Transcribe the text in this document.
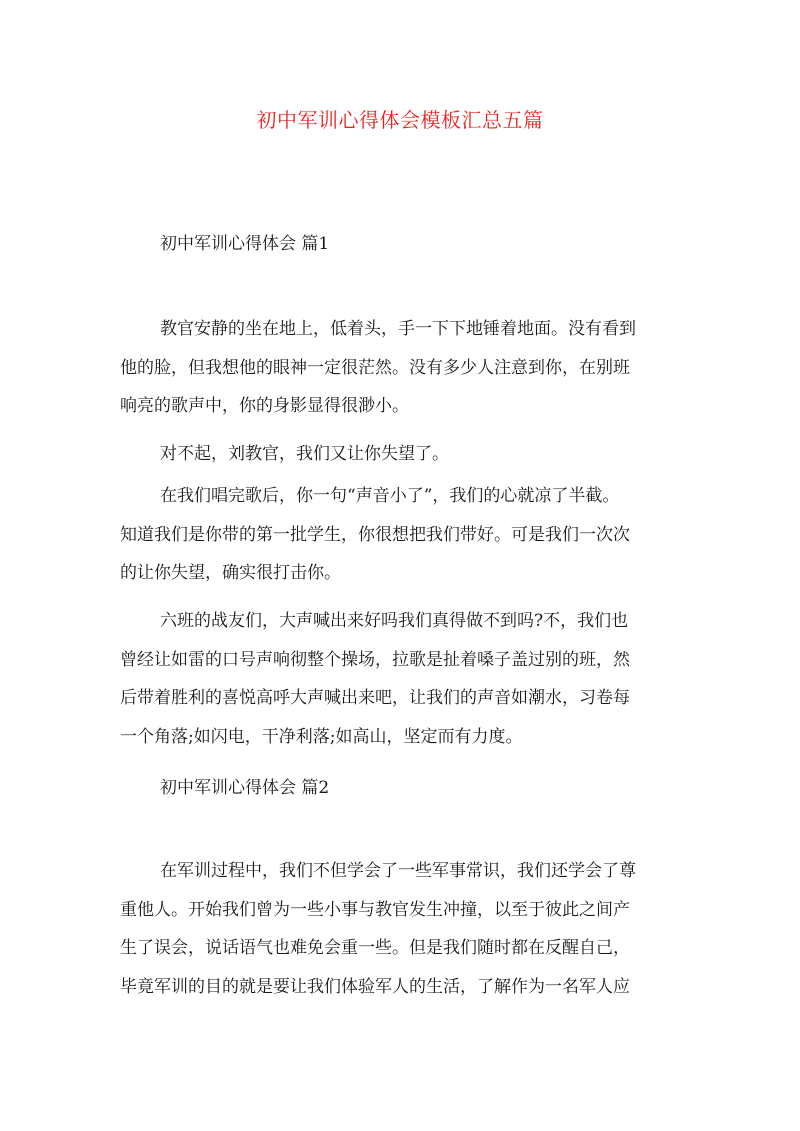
初中军训心得体会模板汇总五篇
初中军训心得体会 篇1
教官安静的坐在地上，低着头，手一下下地锤着地面。没有看到
他的脸，但我想他的眼神一定很茫然。没有多少人注意到你，在别班
响亮的歌声中，你的身影显得很渺小。
对不起，刘教官，我们又让你失望了。
在我们唱完歌后，你一句“声音小了”，我们的心就凉了半截。
知道我们是你带的第一批学生，你很想把我们带好。可是我们一次次
的让你失望，确实很打击你。
六班的战友们，大声喊出来好吗我们真得做不到吗?不，我们也
曾经让如雷的口号声响彻整个操场，拉歌是扯着嗓子盖过别的班，然
后带着胜利的喜悦高呼大声喊出来吧，让我们的声音如潮水，习卷每
一个角落;如闪电，干净利落;如高山，坚定而有力度。
初中军训心得体会 篇2
在军训过程中，我们不但学会了一些军事常识，我们还学会了尊
重他人。开始我们曾为一些小事与教官发生冲撞，以至于彼此之间产
生了误会，说话语气也难免会重一些。但是我们随时都在反醒自己，
毕竟军训的目的就是要让我们体验军人的生活，了解作为一名军人应
